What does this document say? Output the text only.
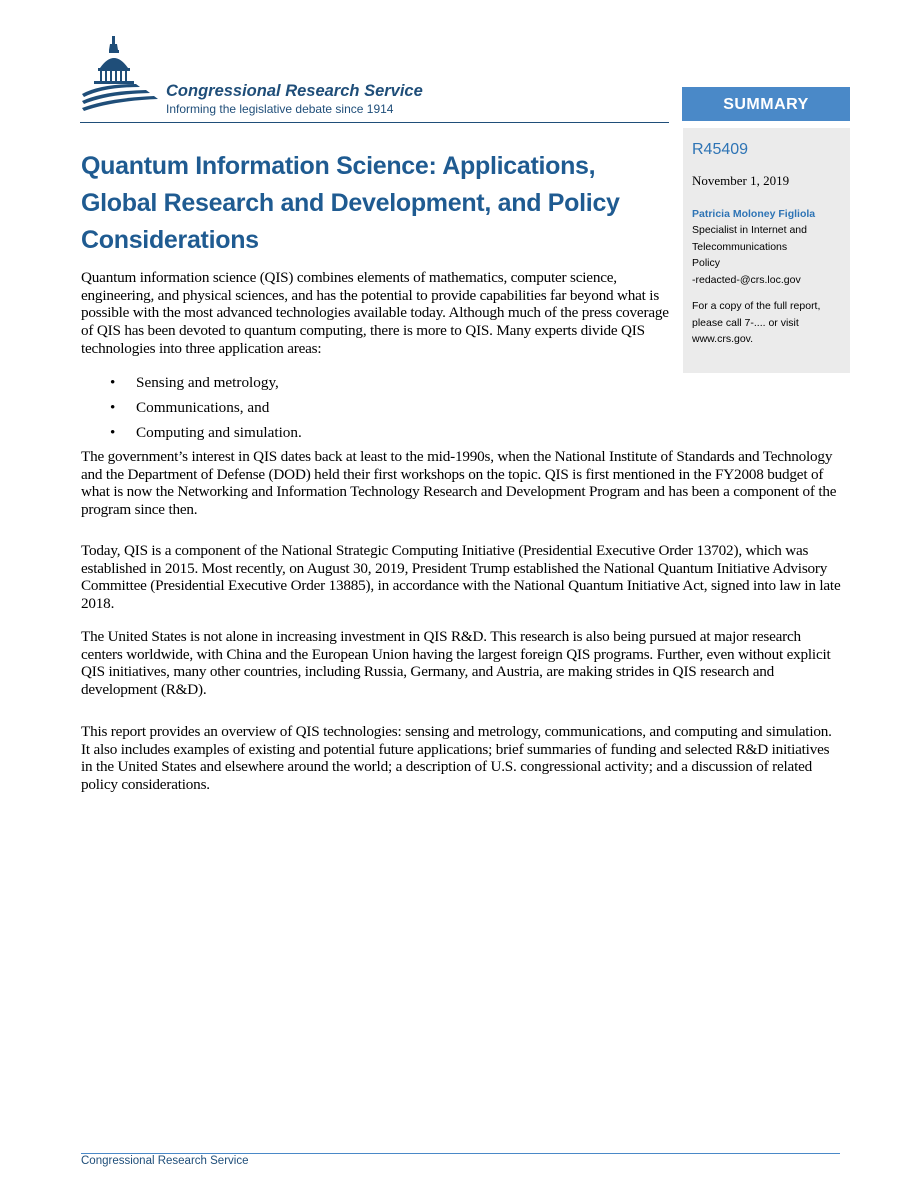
Congressional Research Service
Informing the legislative debate since 1914	SUMMARY
R45409
November 1, 2019
Patricia Moloney Figliola
Specialist in Internet and
Telecommunications
Policy
-redacted-@crs.loc.gov
For a copy of the full report, please call 7-.... or visit www.crs.gov.
Quantum Information Science: Applications, Global Research and Development, and Policy Considerations

Quantum information science (QIS) combines elements of mathematics, computer science, engineering, and physical sciences, and has the potential to provide capabilities far beyond what is possible with the most advanced technologies available today. Although much of the press coverage of QIS has been devoted to quantum computing, there is more to QIS. Many experts divide QIS technologies into three application areas:

• Sensing and metrology,
• Communications, and
• Computing and simulation.

The government’s interest in QIS dates back at least to the mid-1990s, when the National Institute of Standards and Technology and the Department of Defense (DOD) held their first workshops on the topic. QIS is first mentioned in the FY2008 budget of what is now the Networking and Information Technology Research and Development Program and has been a component of the program since then.

Today, QIS is a component of the National Strategic Computing Initiative (Presidential Executive Order 13702), which was established in 2015. Most recently, on August 30, 2019, President Trump established the National Quantum Initiative Advisory Committee (Presidential Executive Order 13885), in accordance with the National Quantum Initiative Act, signed into law in late 2018.

The United States is not alone in increasing investment in QIS R&D. This research is also being pursued at major research centers worldwide, with China and the European Union having the largest foreign QIS programs. Further, even without explicit QIS initiatives, many other countries, including Russia, Germany, and Austria, are making strides in QIS research and development (R&D).

This report provides an overview of QIS technologies: sensing and metrology, communications, and computing and simulation. It also includes examples of existing and potential future applications; brief summaries of funding and selected R&D initiatives in the United States and elsewhere around the world; a description of U.S. congressional activity; and a discussion of related policy considerations.

Congressional Research Service
